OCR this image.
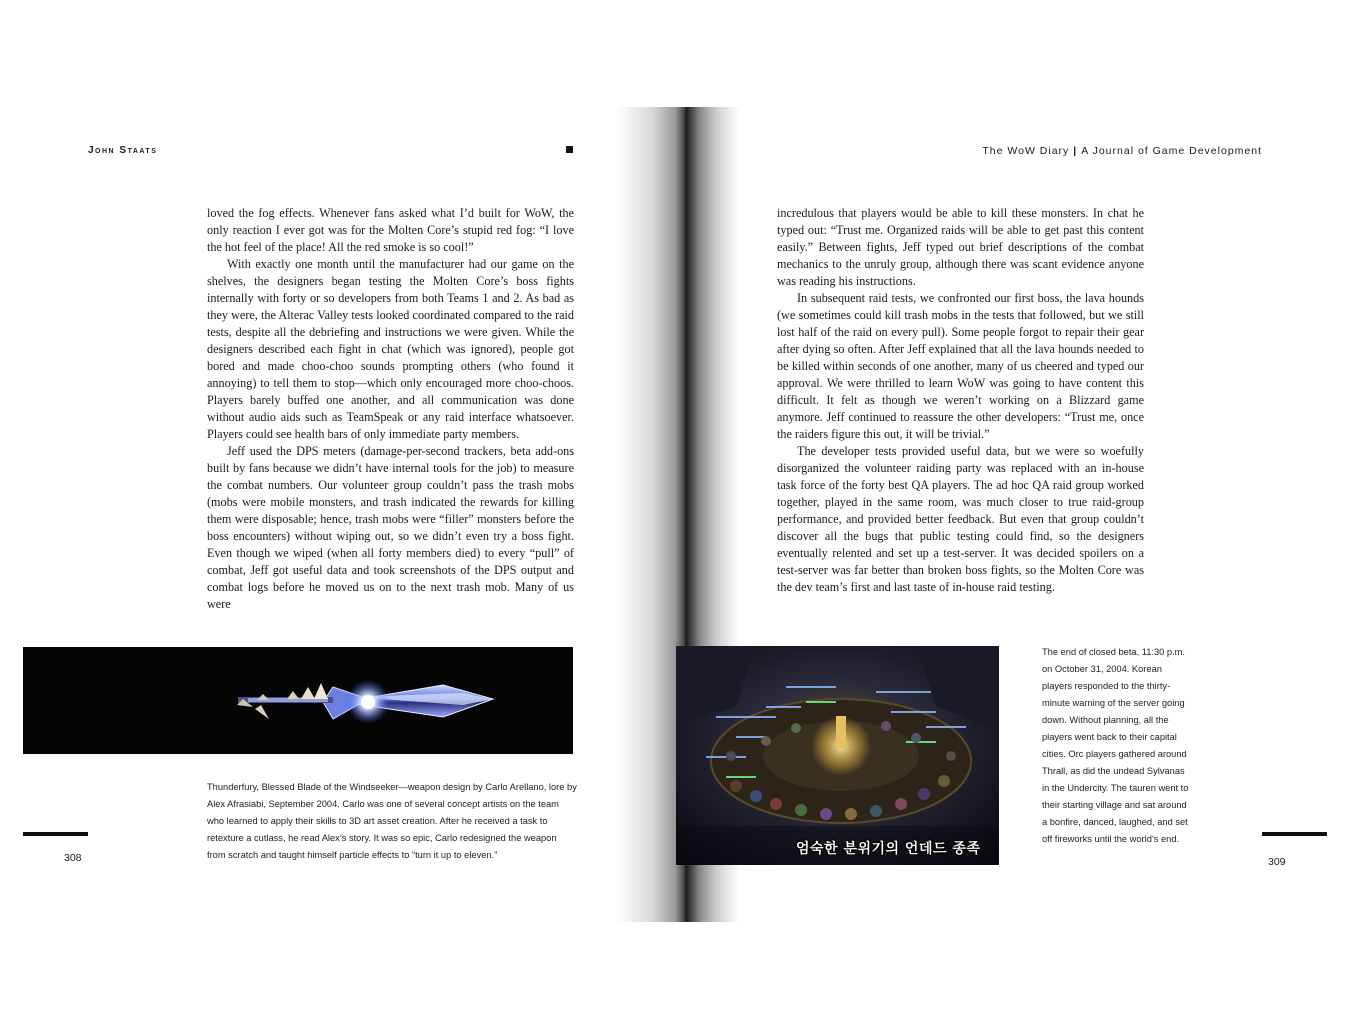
John Staats

loved the fog effects. Whenever fans asked what I’d built for WoW, the only reaction I ever got was for the Molten Core’s stupid red fog: “I love the hot feel of the place! All the red smoke is so cool!”

With exactly one month until the manufacturer had our game on the shelves, the designers began testing the Molten Core’s boss fights internally with forty or so developers from both Teams 1 and 2. As bad as they were, the Alterac Valley tests looked coordinated compared to the raid tests, despite all the debriefing and instructions we were given. While the designers described each fight in chat (which was ignored), people got bored and made choo-choo sounds prompting others (who found it annoying) to tell them to stop—which only encouraged more choo-choos. Players barely buffed one another, and all communication was done without audio aids such as TeamSpeak or any raid interface whatsoever. Players could see health bars of only immediate party members.

Jeff used the DPS meters (damage-per-second trackers, beta add-ons built by fans because we didn’t have internal tools for the job) to measure the combat numbers. Our volunteer group couldn’t pass the trash mobs (mobs were mobile monsters, and trash indicated the rewards for killing them were disposable; hence, trash mobs were “filler” monsters before the boss encounters) without wiping out, so we didn’t even try a boss fight. Even though we wiped (when all forty members died) to every “pull” of combat, Jeff got useful data and took screenshots of the DPS output and combat logs before he moved us on to the next trash mob. Many of us were

Thunderfury, Blessed Blade of the Windseeker—weapon design by Carlo Arellano, lore by Alex Afrasiabi, September 2004. Carlo was one of several concept artists on the team who learned to apply their skills to 3D art asset creation. After he received a task to retexture a cutlass, he read Alex’s story. It was so epic, Carlo redesigned the weapon from scratch and taught himself particle effects to “turn it up to eleven.”
308
The WoW Diary | A Journal of Game Development

incredulous that players would be able to kill these monsters. In chat he typed out: “Trust me. Organized raids will be able to get past this content easily.” Between fights, Jeff typed out brief descriptions of the combat mechanics to the unruly group, although there was scant evidence anyone was reading his instructions.

In subsequent raid tests, we confronted our first boss, the lava hounds (we sometimes could kill trash mobs in the tests that followed, but we still lost half of the raid on every pull). Some people forgot to repair their gear after dying so often. After Jeff explained that all the lava hounds needed to be killed within seconds of one another, many of us cheered and typed our approval. We were thrilled to learn WoW was going to have content this difficult. It felt as though we weren’t working on a Blizzard game anymore. Jeff continued to reassure the other developers: “Trust me, once the raiders figure this out, it will be trivial.”

The developer tests provided useful data, but we were so woefully disorganized the volunteer raiding party was replaced with an in-house task force of the forty best QA players. The ad hoc QA raid group worked together, played in the same room, was much closer to true raid-group performance, and provided better feedback. But even that group couldn’t discover all the bugs that public testing could find, so the designers eventually relented and set up a test-server. It was decided spoilers on a test-server was far better than broken boss fights, so the Molten Core was the dev team’s first and last taste of in-house raid testing.

엄숙한 분위기의 언데드 종족
The end of closed beta, 11:30 p.m. on October 31, 2004. Korean players responded to the thirty-minute warning of the server going down. Without planning, all the players went back to their capital cities. Orc players gathered around Thrall, as did the undead Sylvanas in the Undercity. The tauren went to their starting village and sat around a bonfire, danced, laughed, and set off fireworks until the world’s end.
309
